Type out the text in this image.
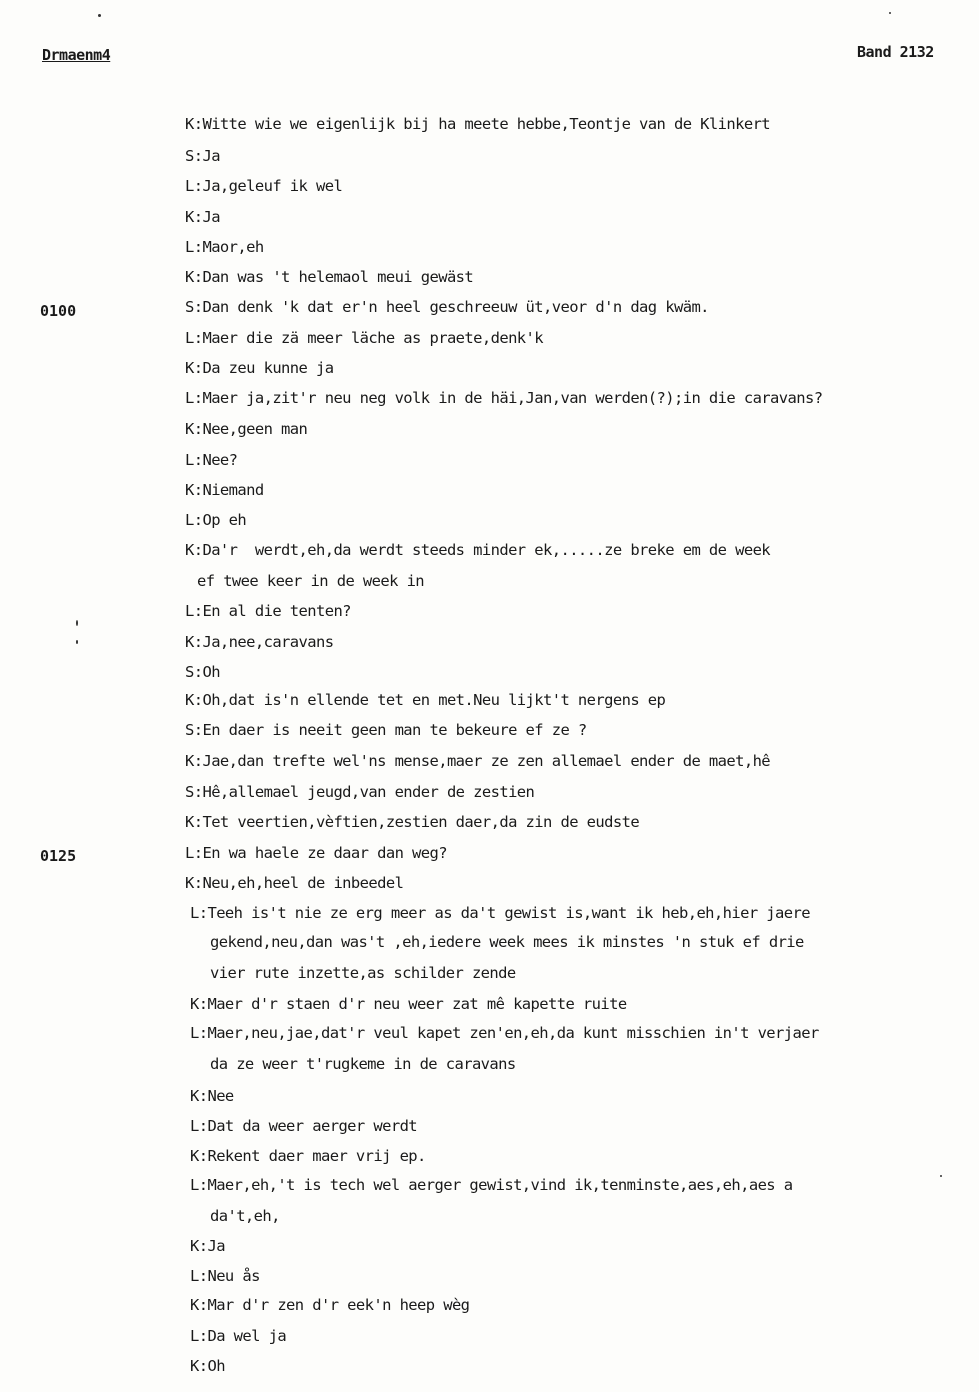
Drmaenm4	Band 2132
0100
0125
K:Witte wie we eigenlijk bij ha meete hebbe,Teontje van de Klinkert
S:Ja
L:Ja,geleuf ik wel
K:Ja
L:Maor,eh
K:Dan was 't helemaol meui gewäst
S:Dan denk 'k dat er'n heel geschreeuw üt,veor d'n dag kwäm.
L:Maer die zä meer läche as praete,denk'k
K:Da zeu kunne ja
L:Maer ja,zit'r neu neg volk in de häi,Jan,van werden(?);in die caravans?
K:Nee,geen man
L:Nee?
K:Niemand
L:Op eh
K:Da'r  werdt,eh,da werdt steeds minder ek,.....ze breke em de week
ef twee keer in de week in
L:En al die tenten?
K:Ja,nee,caravans
S:Oh
K:Oh,dat is'n ellende tet en met.Neu lijkt't nergens ep
S:En daer is neeit geen man te bekeure ef ze ?
K:Jae,dan trefte wel'ns mense,maer ze zen allemael ender de maet,hê
S:Hê,allemael jeugd,van ender de zestien
K:Tet veertien,vèftien,zestien daer,da zin de eudste
L:En wa haele ze daar dan weg?
K:Neu,eh,heel de inbeedel
L:Teeh is't nie ze erg meer as da't gewist is,want ik heb,eh,hier jaere
gekend,neu,dan was't ,eh,iedere week mees ik minstes 'n stuk ef drie
vier rute inzette,as schilder zende
K:Maer d'r staen d'r neu weer zat mê kapette ruite
L:Maer,neu,jae,dat'r veul kapet zen'en,eh,da kunt misschien in't verjaer
da ze weer t'rugkeme in de caravans
K:Nee
L:Dat da weer aerger werdt
K:Rekent daer maer vrij ep.
L:Maer,eh,'t is tech wel aerger gewist,vind ik,tenminste,aes,eh,aes a
da't,eh,
K:Ja
L:Neu ås
K:Mar d'r zen d'r eek'n heep wèg
L:Da wel ja
K:Oh
